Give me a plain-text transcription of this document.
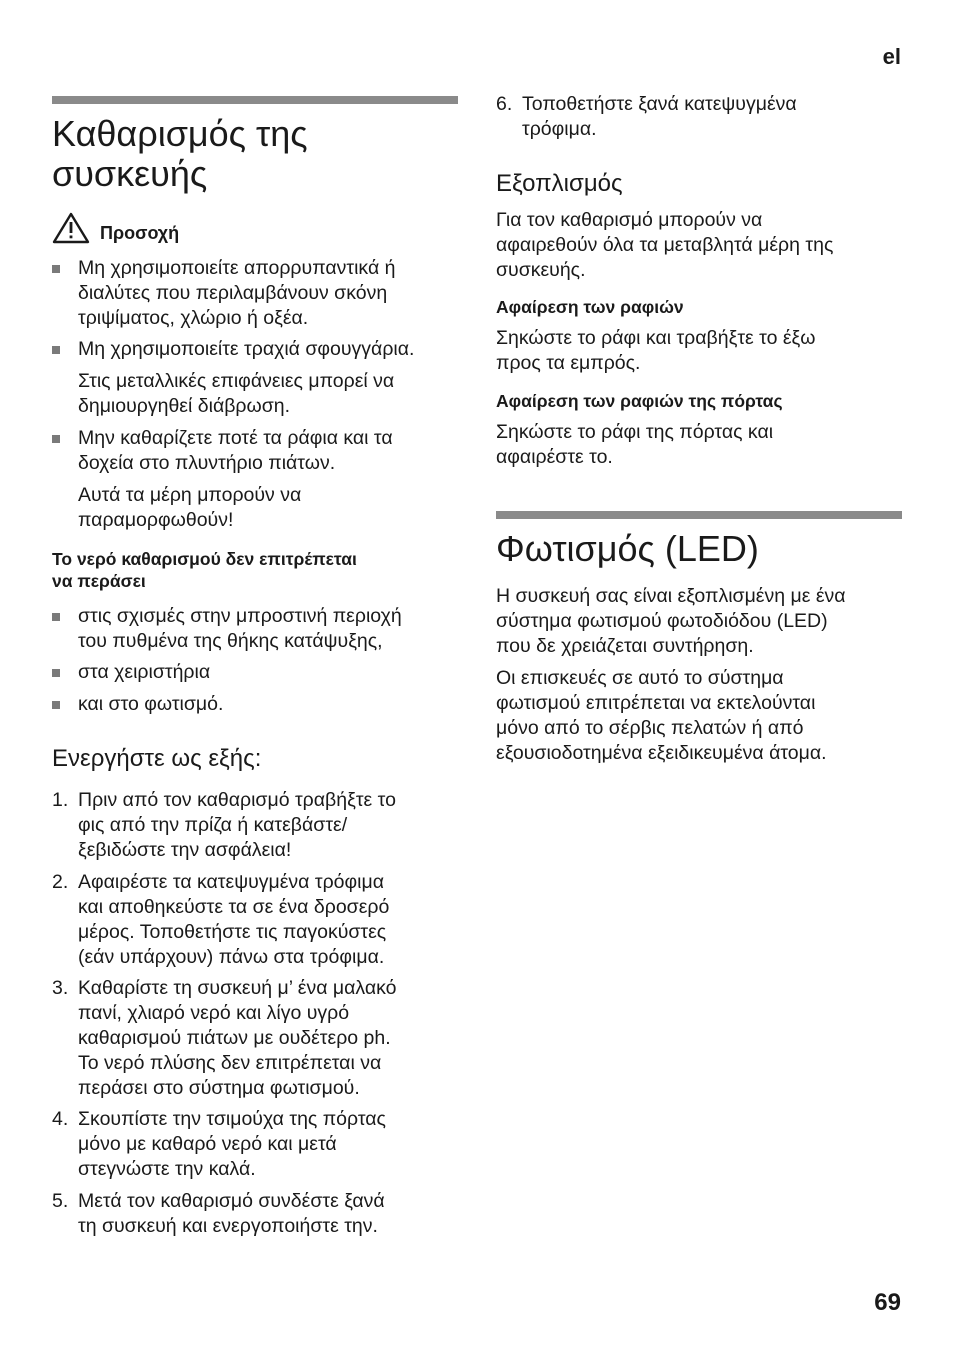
el
69
Καθαρισμός της
συσκευής
Προσοχή
Μη χρησιμοποιείτε απορρυπαντικά ή
διαλύτες που περιλαμβάνουν σκόνη
τριψίματος, χλώριο ή οξέα.
Μη χρησιμοποιείτε τραχιά σφουγγάρια.
Στις μεταλλικές επιφάνειες μπορεί να
δημιουργηθεί διάβρωση.
Μην καθαρίζετε ποτέ τα ράφια και τα
δοχεία στο πλυντήριο πιάτων.
Αυτά τα μέρη μπορούν να
παραμορφωθούν!
Το νερό καθαρισμού δεν επιτρέπεται
να περάσει
στις σχισμές στην μπροστινή περιοχή
του πυθμένα της θήκης κατάψυξης,
στα χειριστήρια
και στο φωτισμό.
Ενεργήστε ως εξής:
1. Πριν από τον καθαρισμό τραβήξτε το
φις από την πρίζα ή κατεβάστε/
ξεβιδώστε την ασφάλεια!
2. Αφαιρέστε τα κατεψυγμένα τρόφιμα
και αποθηκεύστε τα σε ένα δροσερό
μέρος. Τοποθετήστε τις παγοκύστες
(εάν υπάρχουν) πάνω στα τρόφιμα.
3. Καθαρίστε τη συσκευή μ’ ένα μαλακό
πανί, χλιαρό νερό και λίγο υγρό
καθαρισμού πιάτων με ουδέτερο ph.
Το νερό πλύσης δεν επιτρέπεται να
περάσει στο σύστημα φωτισμού.
4. Σκουπίστε την τσιμούχα της πόρτας
μόνο με καθαρό νερό και μετά
στεγνώστε την καλά.
5. Μετά τον καθαρισμό συνδέστε ξανά
τη συσκευή και ενεργοποιήστε την.
6. Τοποθετήστε ξανά κατεψυγμένα
τρόφιμα.
Εξοπλισμός
Για τον καθαρισμό μπορούν να
αφαιρεθούν όλα τα μεταβλητά μέρη της
συσκευής.
Αφαίρεση των ραφιών
Σηκώστε το ράφι και τραβήξτε το έξω
προς τα εμπρός.
Αφαίρεση των ραφιών της πόρτας
Σηκώστε το ράφι της πόρτας και
αφαιρέστε το.
Φωτισμός (LED)
Η συσκευή σας είναι εξοπλισμένη με ένα
σύστημα φωτισμού φωτοδιόδου (LED)
που δε χρειάζεται συντήρηση.
Οι επισκευές σε αυτό το σύστημα
φωτισμού επιτρέπεται να εκτελούνται
μόνο από το σέρβις πελατών ή από
εξουσιοδοτημένα εξειδικευμένα άτομα.
